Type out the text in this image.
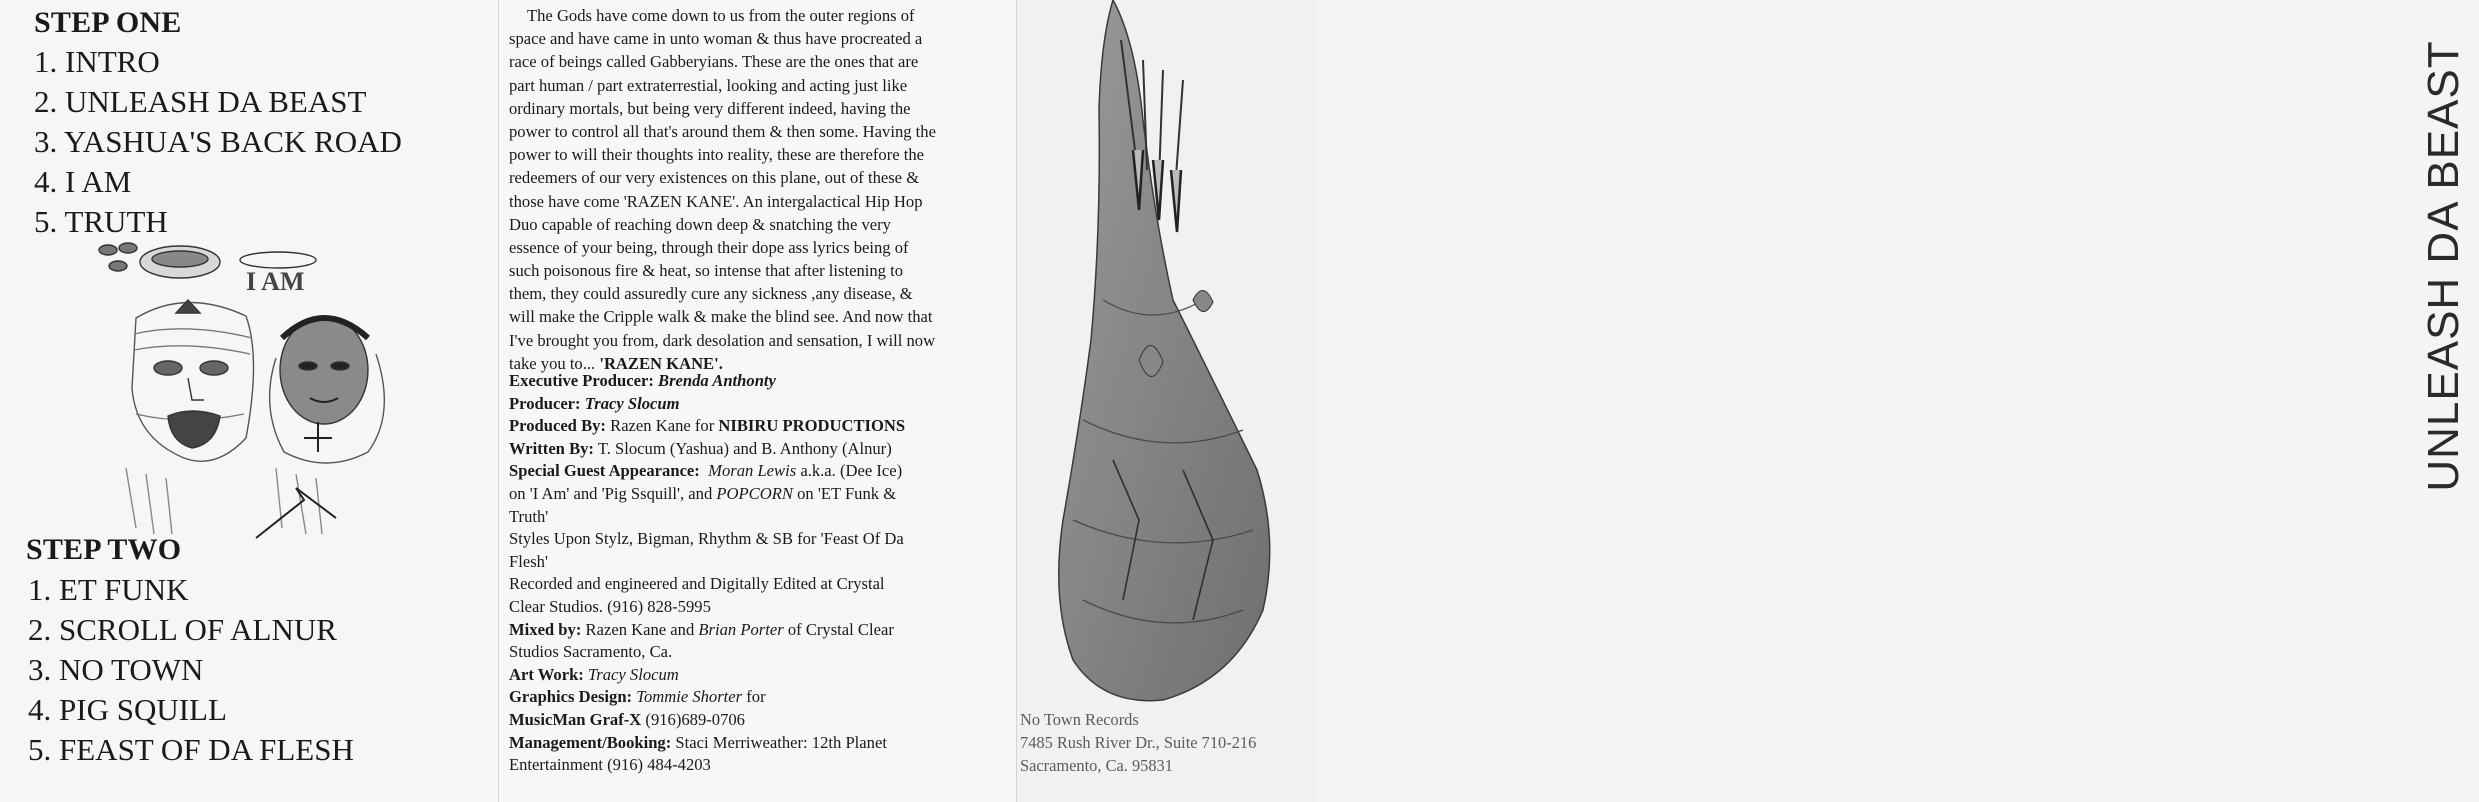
STEP ONE
1. INTRO
2. UNLEASH DA BEAST
3. YASHUA'S BACK ROAD
4. I AM
5. TRUTH
I AM
STEP TWO
1. ET FUNK
2. SCROLL OF ALNUR
3. NO TOWN
4. PIG SQUILL
5. FEAST OF DA FLESH
The Gods have come down to us from the outer regions of
space and have came in unto woman & thus have procreated a
race of beings called Gabberyians. These are the ones that are
part human / part extraterrestial, looking and acting just like
ordinary mortals, but being very different indeed, having the
power to control all that's around them & then some. Having the
power to will their thoughts into reality, these are therefore the
redeemers of our very existences on this plane, out of these &
those have come 'RAZEN KANE'. An intergalactical Hip Hop
Duo capable of reaching down deep & snatching the very
essence of your being, through their dope ass lyrics being of
such poisonous fire & heat, so intense that after listening to
them, they could assuredly cure any sickness ,any disease, &
will make the Cripple walk & make the blind see. And now that
I've brought you from, dark desolation and sensation, I will now
take you to... 'RAZEN KANE'.
Executive Producer: Brenda Anthonty
Producer: Tracy Slocum
Produced By: Razen Kane for NIBIRU PRODUCTIONS
Written By: T. Slocum (Yashua) and B. Anthony (Alnur)
Special Guest Appearance: Moran Lewis a.k.a. (Dee Ice)
on 'I Am' and 'Pig Ssquill', and POPCORN on 'ET Funk &
Truth'
Styles Upon Stylz, Bigman, Rhythm & SB for 'Feast Of Da
Flesh'
Recorded and engineered and Digitally Edited at Crystal
Clear Studios. (916) 828-5995
Mixed by: Razen Kane and Brian Porter of Crystal Clear
Studios Sacramento, Ca.
Art Work: Tracy Slocum
Graphics Design: Tommie Shorter for
MusicMan Graf-X (916)689-0706
Management/Booking: Staci Merriweather: 12th Planet
Entertainment (916) 484-4203
UNLEASH DA BEAST
No Town Records
7485 Rush River Dr., Suite 710-216
Sacramento, Ca. 95831
